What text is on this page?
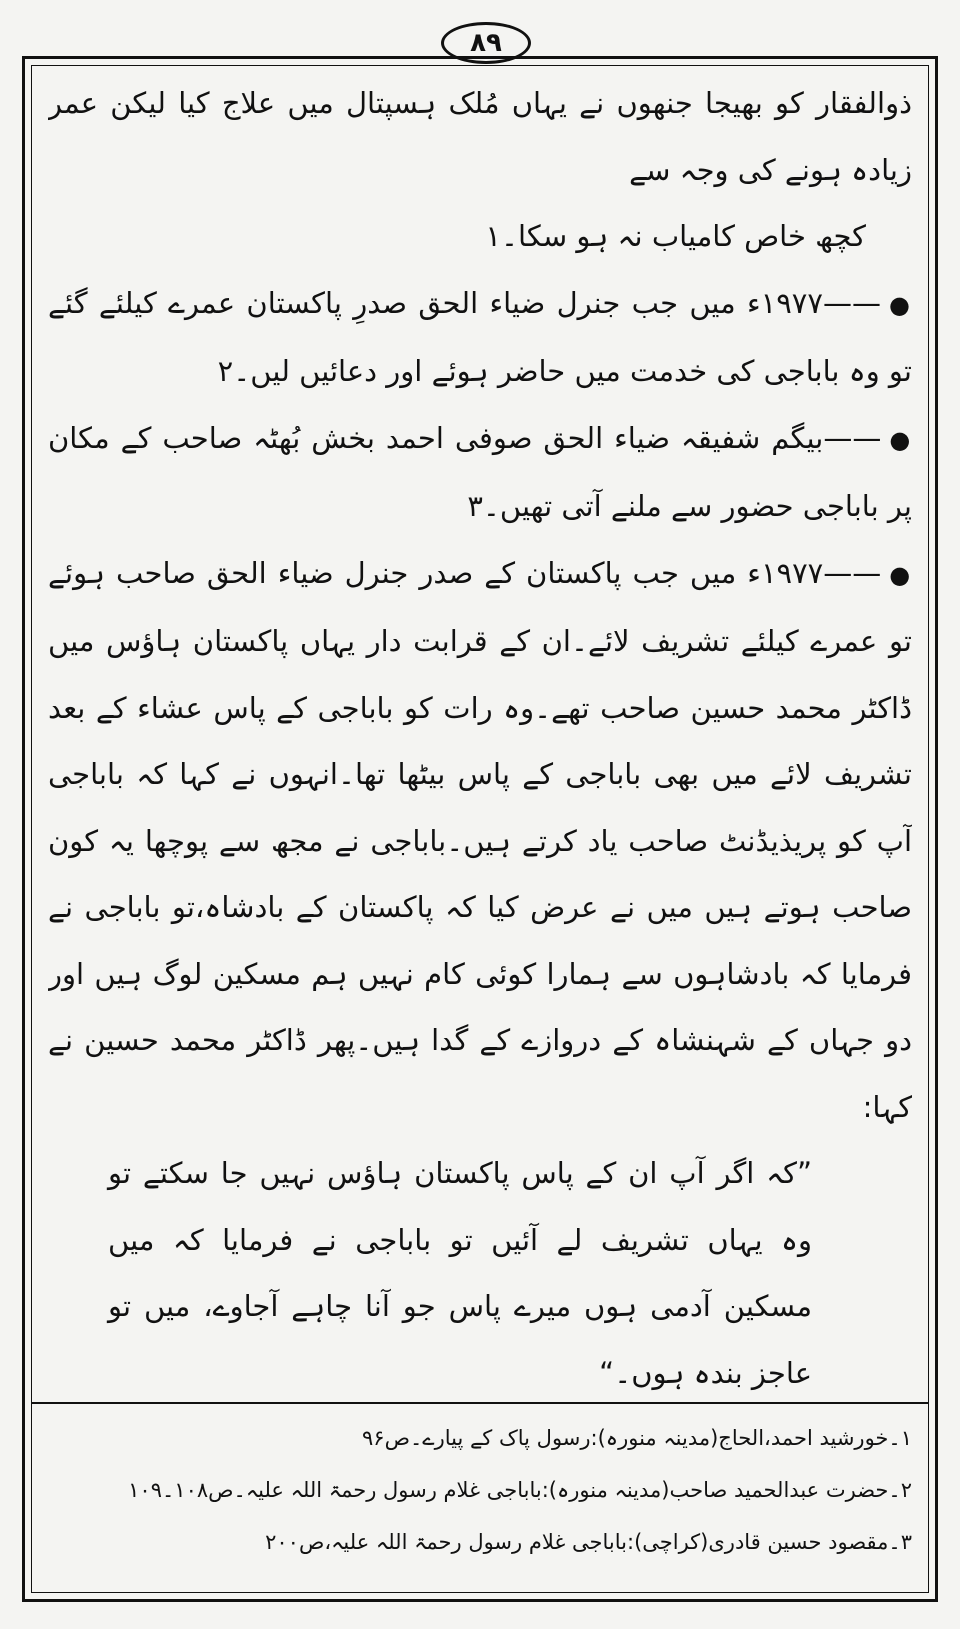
۸۹

ذوالفقار کو بھیجا جنھوں نے یہاں مُلک ہسپتال میں علاج کیا لیکن عمر زیادہ ہونے کی وجہ سے

کچھ خاص کامیاب نہ ہو سکا۔۱

●——۱۹۷۷ء میں جب جنرل ضیاء الحق صدرِ پاکستان عمرے کیلئے گئے تو وہ باباجی کی خدمت میں حاضر ہوئے اور دعائیں لیں۔۲

●——بیگم شفیقہ ضیاء الحق صوفی احمد بخش بُھٹہ صاحب کے مکان پر باباجی حضور سے ملنے آتی تھیں۔۳

●——۱۹۷۷ء میں جب پاکستان کے صدر جنرل ضیاء الحق صاحب ہوئے تو عمرے کیلئے تشریف لائے۔ان کے قرابت دار یہاں پاکستان ہاؤس میں ڈاکٹر محمد حسین صاحب تھے۔وہ رات کو باباجی کے پاس عشاء کے بعد تشریف لائے میں بھی باباجی کے پاس بیٹھا تھا۔انہوں نے کہا کہ باباجی آپ کو پریذیڈنٹ صاحب یاد کرتے ہیں۔باباجی نے مجھ سے پوچھا یہ کون صاحب ہوتے ہیں میں نے عرض کیا کہ پاکستان کے بادشاہ،تو باباجی نے فرمایا کہ بادشاہوں سے ہمارا کوئی کام نہیں ہم مسکین لوگ ہیں اور دو جہاں کے شہنشاہ کے دروازے کے گدا ہیں۔پھر ڈاکٹر محمد حسین نے کہا:

”کہ اگر آپ ان کے پاس پاکستان ہاؤس نہیں جا سکتے تو وہ یہاں تشریف لے آئیں تو باباجی نے فرمایا کہ میں مسکین آدمی ہوں میرے پاس جو آنا چاہے آجاوے، میں تو عاجز بندہ ہوں۔“

۱۔خورشید احمد،الحاج(مدینہ منورہ):رسول پاک کے پیارے۔ص۹۶

۲۔حضرت عبدالحمید صاحب(مدینہ منورہ):باباجی غلام رسول رحمۃ اللہ علیہ۔ص۱۰۸۔۱۰۹

۳۔مقصود حسین قادری(کراچی):باباجی غلام رسول رحمۃ اللہ علیہ،ص۲۰۰
